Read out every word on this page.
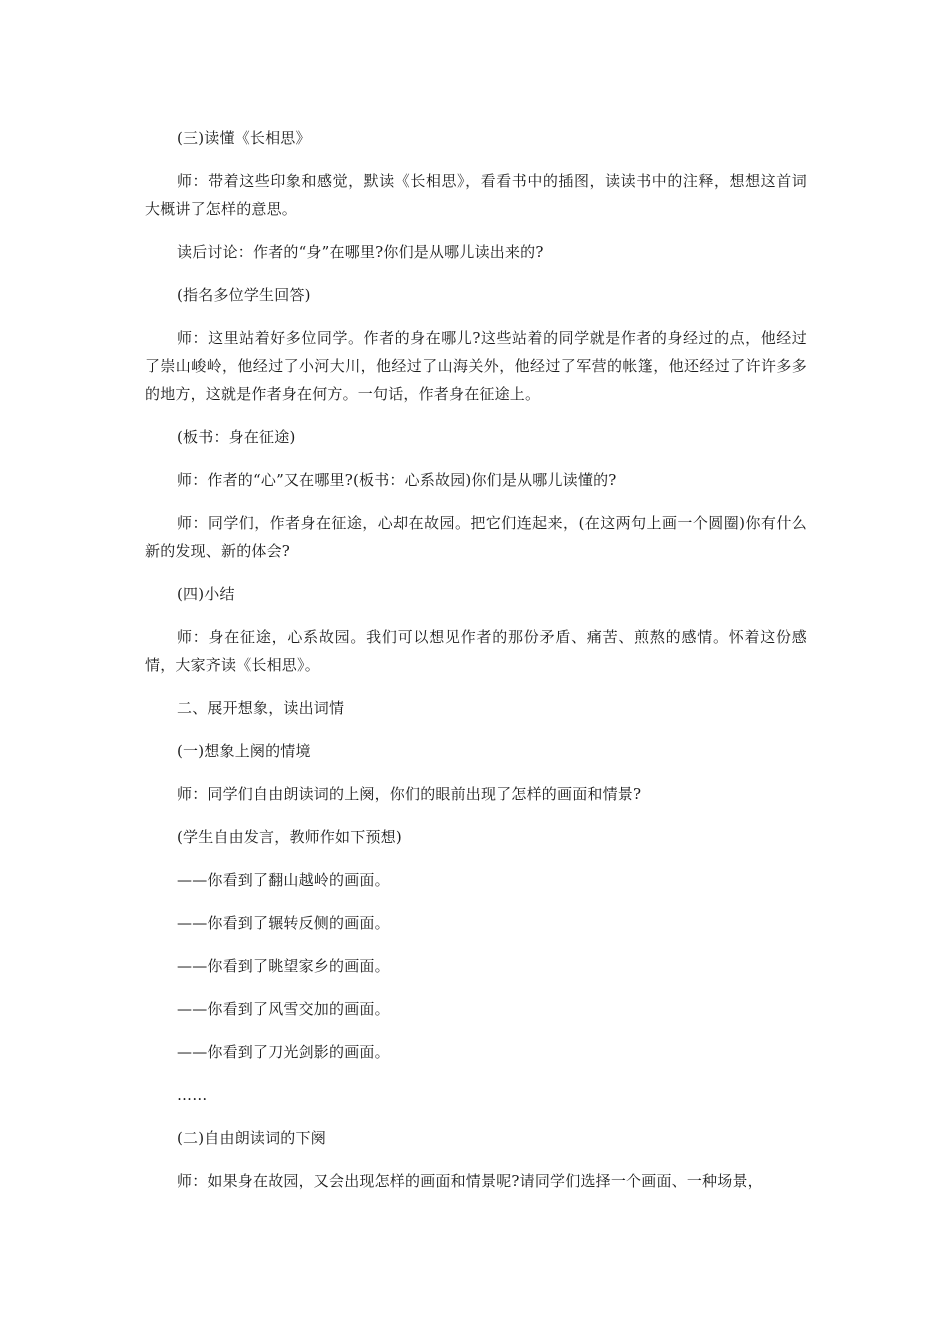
(三)读懂《长相思》

师：带着这些印象和感觉，默读《长相思》，看看书中的插图，读读书中的注释，想想这首词大概讲了怎样的意思。

读后讨论：作者的“身”在哪里?你们是从哪儿读出来的?

(指名多位学生回答)

师：这里站着好多位同学。作者的身在哪儿?这些站着的同学就是作者的身经过的点，他经过了崇山峻岭，他经过了小河大川，他经过了山海关外，他经过了军营的帐篷，他还经过了许许多多的地方，这就是作者身在何方。一句话，作者身在征途上。

(板书：身在征途)

师：作者的“心”又在哪里?(板书：心系故园)你们是从哪儿读懂的?

师：同学们，作者身在征途，心却在故园。把它们连起来，(在这两句上画一个圆圈)你有什么新的发现、新的体会?

(四)小结

师：身在征途，心系故园。我们可以想见作者的那份矛盾、痛苦、煎熬的感情。怀着这份感情，大家齐读《长相思》。

二、展开想象，读出词情

(一)想象上阕的情境

师：同学们自由朗读词的上阕，你们的眼前出现了怎样的画面和情景?

(学生自由发言，教师作如下预想)

——你看到了翻山越岭的画面。

——你看到了辗转反侧的画面。

——你看到了眺望家乡的画面。

——你看到了风雪交加的画面。

——你看到了刀光剑影的画面。

……

(二)自由朗读词的下阕

师：如果身在故园，又会出现怎样的画面和情景呢?请同学们选择一个画面、一种场景，
